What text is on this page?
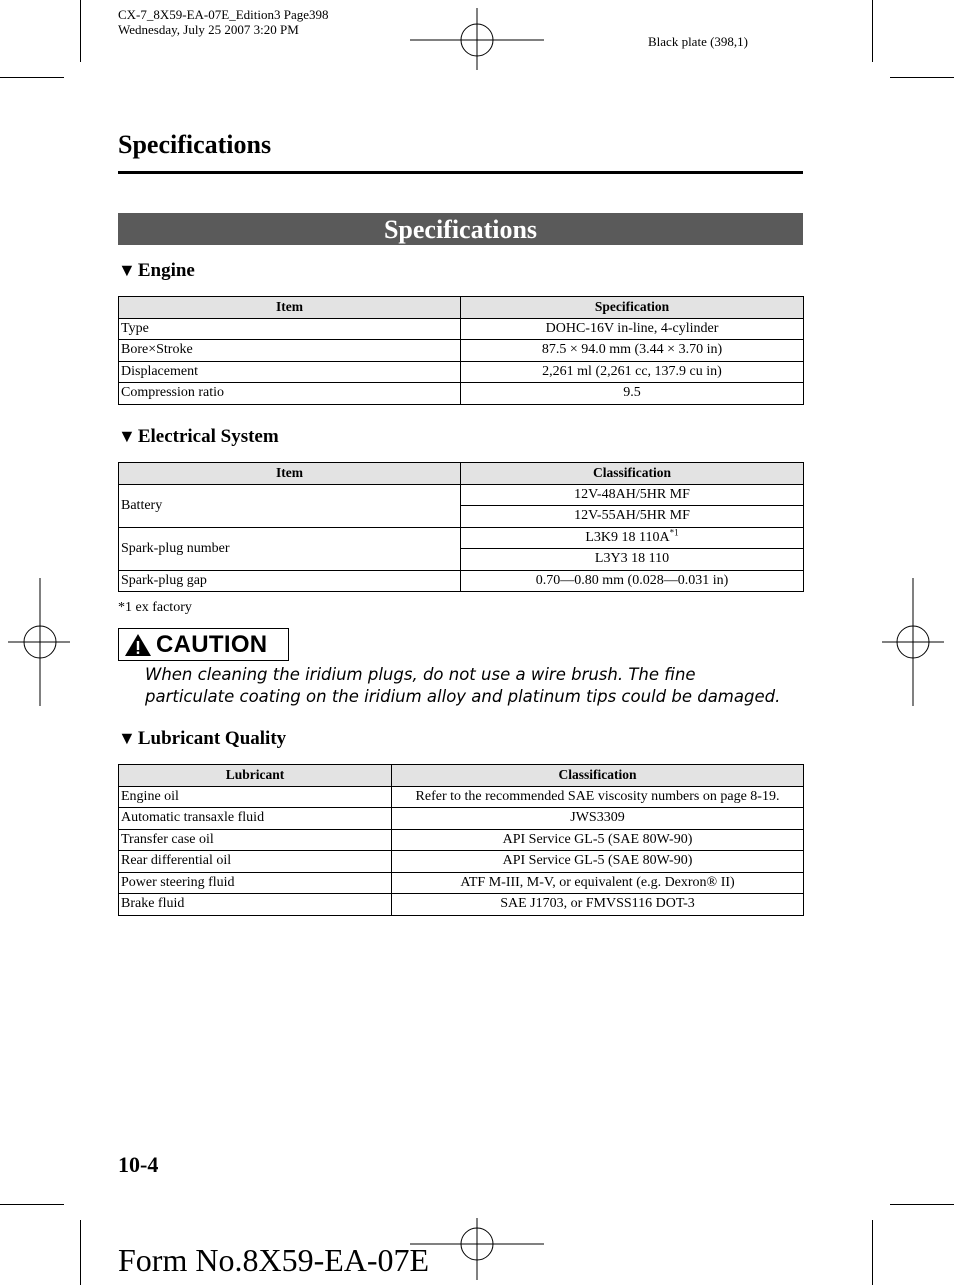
CX-7_8X59-EA-07E_Edition3 Page398
Wednesday, July 25 2007 3:20 PM
Black plate (398,1)
Specifications
Specifications
▼ Engine
Item	Specification
Type	DOHC-16V in-line, 4-cylinder
Bore×Stroke	87.5 × 94.0 mm (3.44 × 3.70 in)
Displacement	2,261 ml (2,261 cc, 137.9 cu in)
Compression ratio	9.5
▼ Electrical System
Item	Classification
Battery	12V-48AH/5HR MF
	12V-55AH/5HR MF
Spark-plug number	L3K9 18 $110A^{*1}$
	L3Y3 18 110
Spark-plug gap	0.70—0.80 mm (0.028—0.031 in)
*1 ex factory
CAUTION
When cleaning the iridium plugs, do not use a wire brush. The fine particulate coating on the iridium alloy and platinum tips could be damaged.
▼ Lubricant Quality
Lubricant	Classification
Engine oil	Refer to the recommended SAE viscosity numbers on page 8-19.
Automatic transaxle fluid	JWS3309
Transfer case oil	API Service GL-5 (SAE 80W-90)
Rear differential oil	API Service GL-5 (SAE 80W-90)
Power steering fluid	ATF M-III, M-V, or equivalent (e.g. Dexron® II)
Brake fluid	SAE J1703, or FMVSS116 DOT-3
10-4
Form No.8X59-EA-07E
